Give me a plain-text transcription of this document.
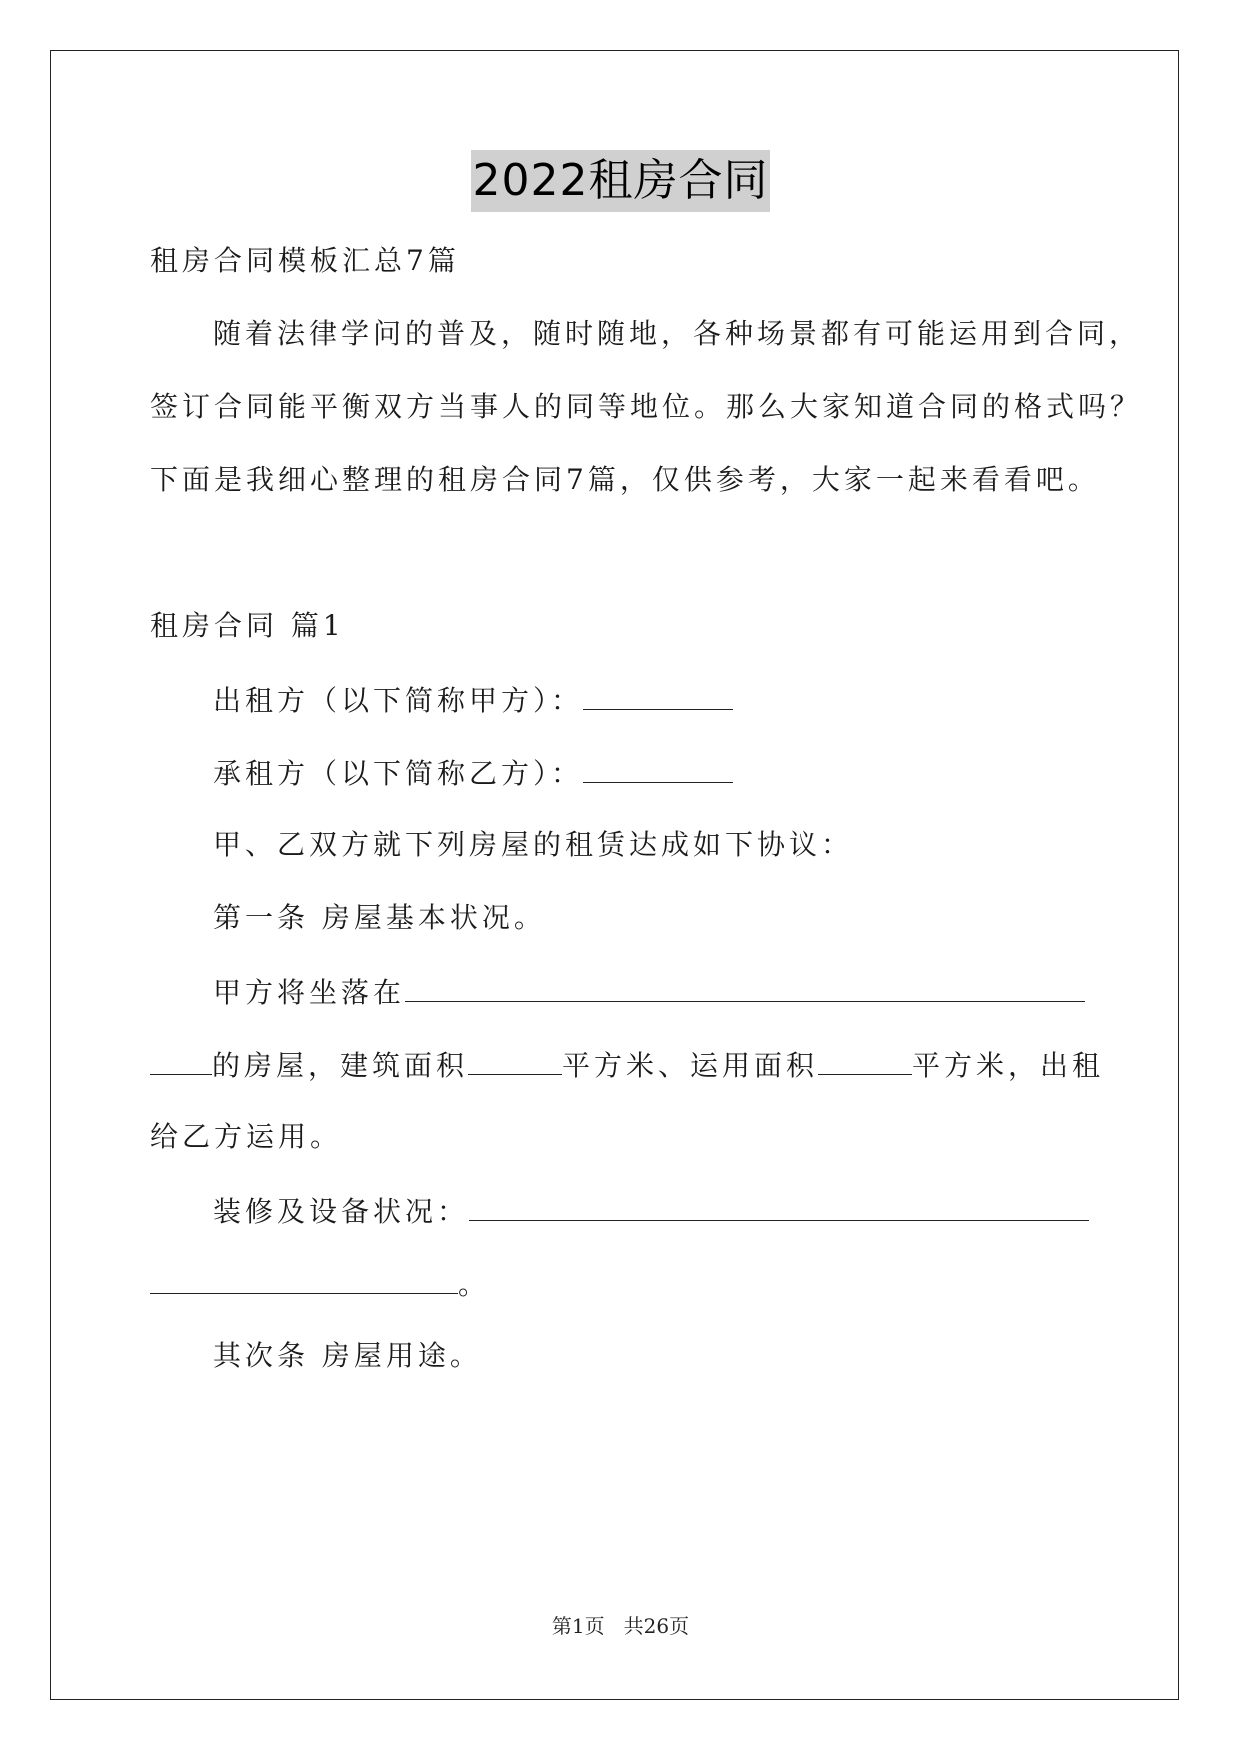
2022租房合同
租房合同模板汇总7篇
随着法律学问的普及，随时随地，各种场景都有可能运用到合同，
签订合同能平衡双方当事人的同等地位。那么大家知道合同的格式吗？
下面是我细心整理的租房合同7篇，仅供参考，大家一起来看看吧。
租房合同 篇1
出租方（以下简称甲方）：
承租方（以下简称乙方）：
甲、乙双方就下列房屋的租赁达成如下协议：
第一条 房屋基本状况。
甲方将坐落在
的房屋，建筑面积	平方米、运用面积	平方米，出租
给乙方运用。
装修及设备状况：
。
其次条 房屋用途。
第1页   共26页
